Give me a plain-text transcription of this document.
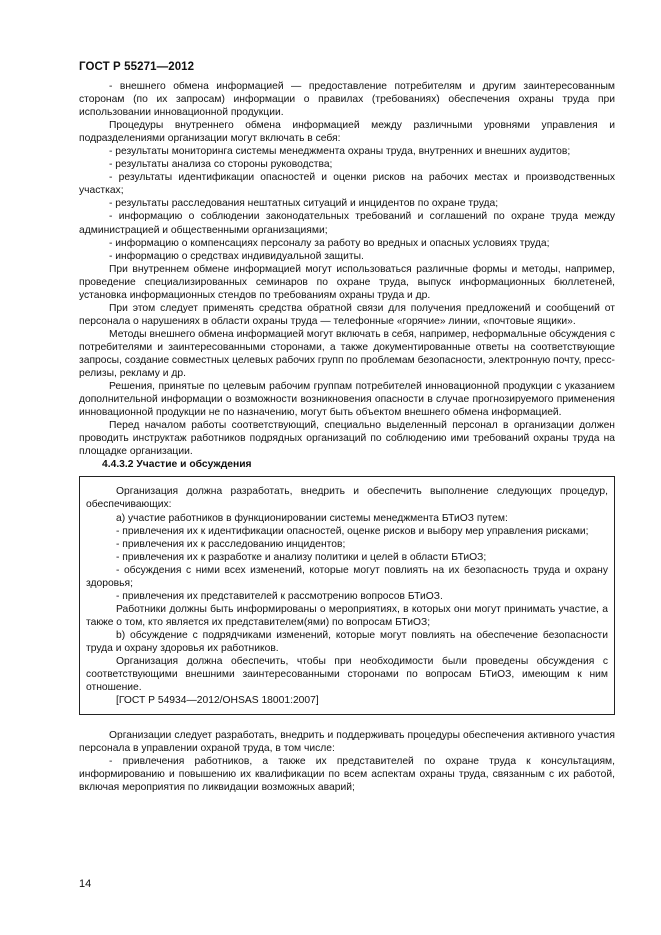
ГОСТ Р 55271—2012

- внешнего обмена информацией — предоставление потребителям и другим заинтересованным сторонам (по их запросам) информации о правилах (требованиях) обеспечения охраны труда при использовании инновационной продукции.

Процедуры внутреннего обмена информацией между различными уровнями управления и подразделениями организации могут включать в себя:

- результаты мониторинга системы менеджмента охраны труда, внутренних и внешних аудитов;

- результаты анализа со стороны руководства;

- результаты идентификации опасностей и оценки рисков на рабочих местах и производственных участках;

- результаты расследования нештатных ситуаций и инцидентов по охране труда;

- информацию о соблюдении законодательных требований и соглашений по охране труда между администрацией и общественными организациями;

- информацию о компенсациях персоналу за работу во вредных и опасных условиях труда;

- информацию о средствах индивидуальной защиты.

При внутреннем обмене информацией могут использоваться различные формы и методы, например, проведение специализированных семинаров по охране труда, выпуск информационных бюллетеней, установка информационных стендов по требованиям охраны труда и др.

При этом следует применять средства обратной связи для получения предложений и сообщений от персонала о нарушениях в области охраны труда — телефонные «горячие» линии, «почтовые ящики».

Методы внешнего обмена информацией могут включать в себя, например, неформальные обсуждения с потребителями и заинтересованными сторонами, а также документированные ответы на соответствующие запросы, создание совместных целевых рабочих групп по проблемам безопасности, электронную почту, пресс-релизы, рекламу и др.

Решения, принятые по целевым рабочим группам потребителей инновационной продукции с указанием дополнительной информации о возможности возникновения опасности в случае прогнозируемого применения инновационной продукции не по назначению, могут быть объектом внешнего обмена информацией.

Перед началом работы соответствующий, специально выделенный персонал в организации должен проводить инструктаж работников подрядных организаций по соблюдению ими требований охраны труда на площадке организации.

4.4.3.2 Участие и обсуждения

Организация должна разработать, внедрить и обеспечить выполнение следующих процедур, обеспечивающих:

а) участие работников в функционировании системы менеджмента БТиОЗ путем:

- привлечения их к идентификации опасностей, оценке рисков и выбору мер управления рисками;

- привлечения их к расследованию инцидентов;

- привлечения их к разработке и анализу политики и целей в области БТиОЗ;

- обсуждения с ними всех изменений, которые могут повлиять на их безопасность труда и охрану здоровья;

- привлечения их представителей к рассмотрению вопросов БТиОЗ.

Работники должны быть информированы о мероприятиях, в которых они могут принимать участие, а также о том, кто является их представителем(ями) по вопросам БТиОЗ;

b) обсуждение с подрядчиками изменений, которые могут повлиять на обеспечение безопасности труда и охрану здоровья их работников.

Организация должна обеспечить, чтобы при необходимости были проведены обсуждения с соответствующими внешними заинтересованными сторонами по вопросам БТиОЗ, имеющим к ним отношение.

[ГОСТ Р 54934—2012/OHSAS 18001:2007]

Организации следует разработать, внедрить и поддерживать процедуры обеспечения активного участия персонала в управлении охраной труда, в том числе:

- привлечения работников, а также их представителей по охране труда к консультациям, информированию и повышению их квалификации по всем аспектам охраны труда, связанным с их работой, включая мероприятия по ликвидации возможных аварий;

14
